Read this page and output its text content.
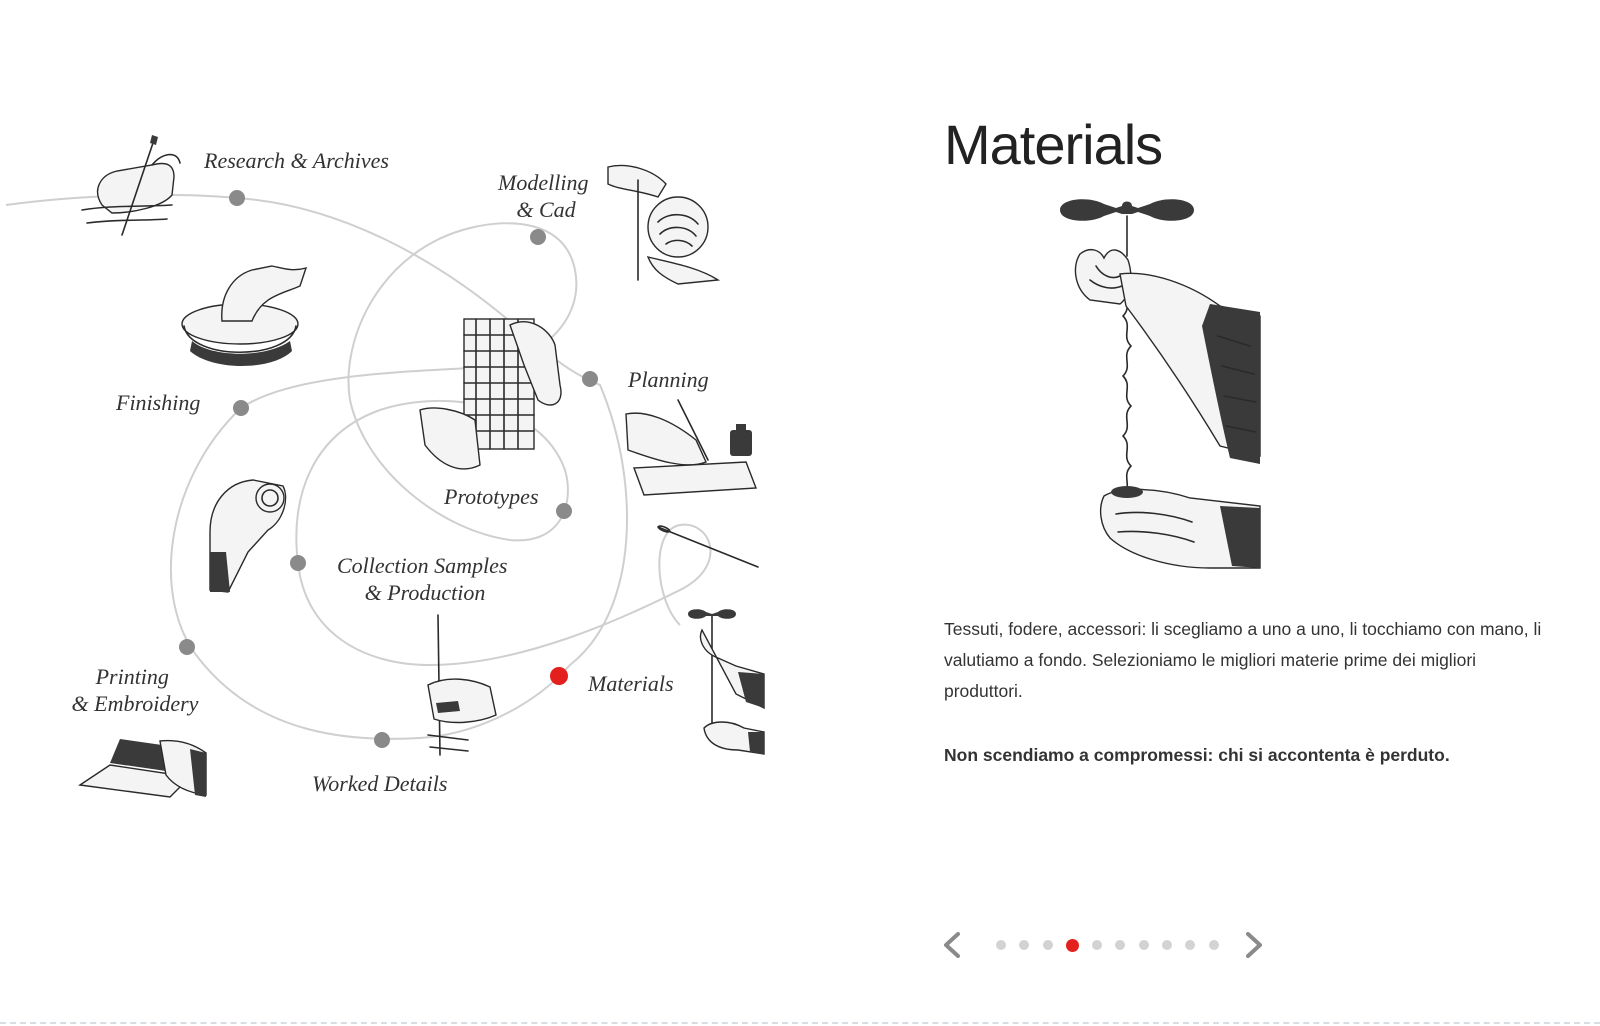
Research & Archives
Modelling & Cad
Planning
Finishing
Prototypes
Collection Samples & Production
Printing & Embroidery
Materials
Worked Details
Materials

Tessuti, fodere, accessori: li scegliamo a uno a uno, li tocchiamo con mano, li valutiamo a fondo. Selezioniamo le migliori materie prime dei migliori produttori.

Non scendiamo a compromessi: chi si accontenta è perduto.
